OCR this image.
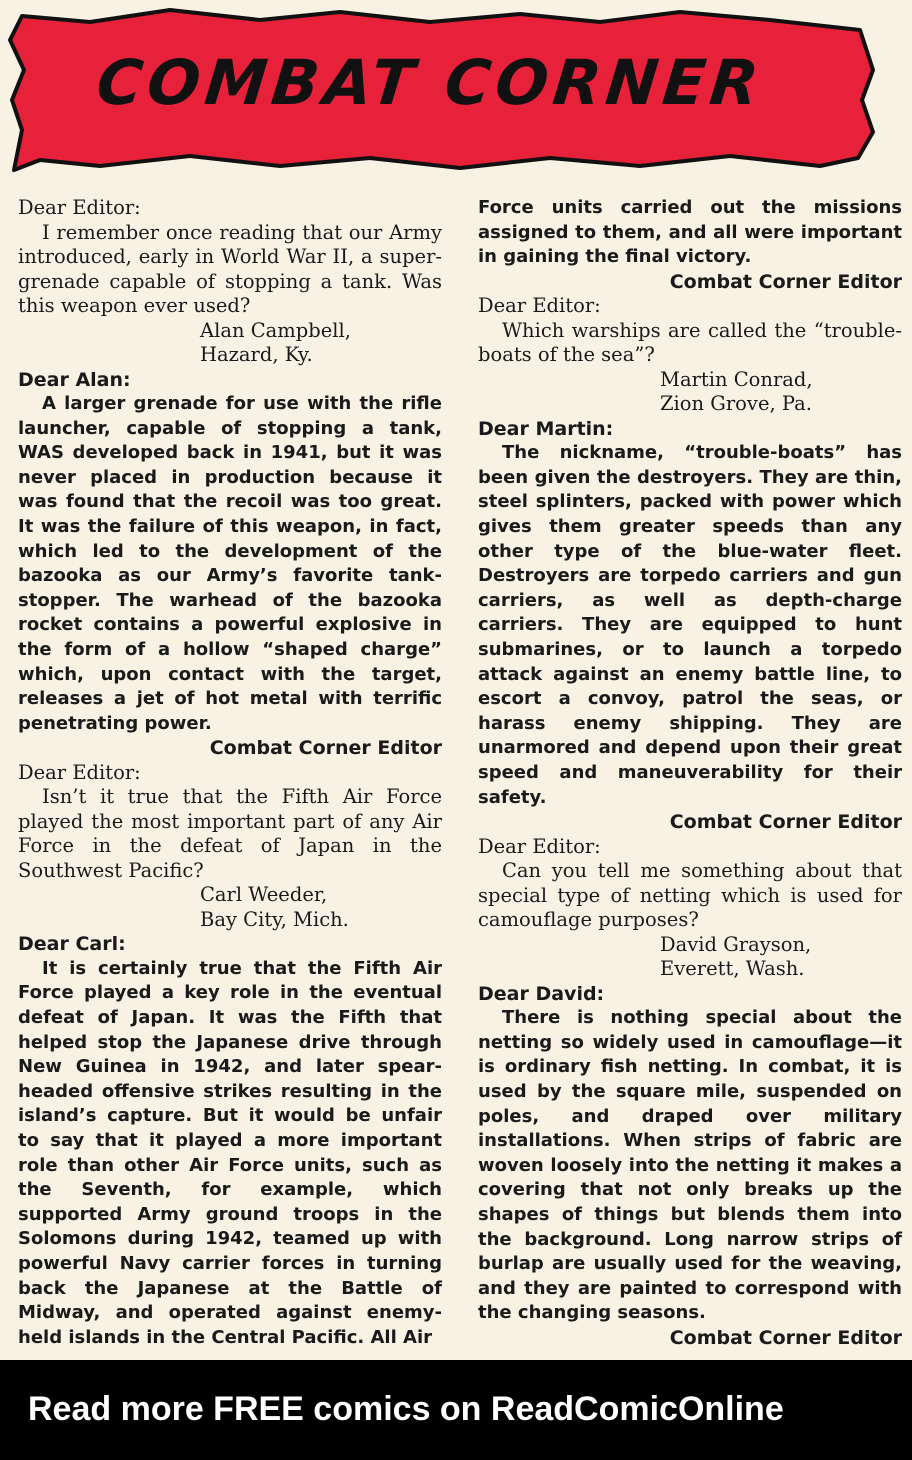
COMBAT CORNER

Dear Editor:

I remember once reading that our Army introduced, early in World War II, a super-grenade capable of stopping a tank. Was this weapon ever used?

Alan Campbell,

Hazard, Ky.

Dear Alan:

A larger grenade for use with the rifle launcher, capable of stopping a tank, WAS developed back in 1941, but it was never placed in production because it was found that the recoil was too great. It was the failure of this weapon, in fact, which led to the development of the bazooka as our Army’s favorite tank-stopper. The warhead of the bazooka rocket contains a powerful explosive in the form of a hollow “shaped charge” which, upon contact with the target, releases a jet of hot metal with terrific penetrating power.

Combat Corner Editor

Dear Editor:

Isn’t it true that the Fifth Air Force played the most important part of any Air Force in the defeat of Japan in the Southwest Pacific?

Carl Weeder,

Bay City, Mich.

Dear Carl:

It is certainly true that the Fifth Air Force played a key role in the eventual defeat of Japan. It was the Fifth that helped stop the Japanese drive through New Guinea in 1942, and later spear-headed offensive strikes resulting in the island’s capture. But it would be unfair to say that it played a more important role than other Air Force units, such as the Seventh, for example, which supported Army ground troops in the Solomons during 1942, teamed up with powerful Navy carrier forces in turning back the Japanese at the Battle of Midway, and operated against enemy-held islands in the Central Pacific. All Air

Force units carried out the missions assigned to them, and all were important in gaining the final victory.

Combat Corner Editor

Dear Editor:

Which warships are called the “trouble-boats of the sea”?

Martin Conrad,

Zion Grove, Pa.

Dear Martin:

The nickname, “trouble-boats” has been given the destroyers. They are thin, steel splinters, packed with power which gives them greater speeds than any other type of the blue-water fleet. Destroyers are torpedo carriers and gun carriers, as well as depth-charge carriers. They are equipped to hunt submarines, or to launch a torpedo attack against an enemy battle line, to escort a convoy, patrol the seas, or harass enemy shipping. They are unarmored and depend upon their great speed and maneuverability for their safety.

Combat Corner Editor

Dear Editor:

Can you tell me something about that special type of netting which is used for camouflage purposes?

David Grayson,

Everett, Wash.

Dear David:

There is nothing special about the netting so widely used in camouflage—it is ordinary fish netting. In combat, it is used by the square mile, suspended on poles, and draped over military installations. When strips of fabric are woven loosely into the netting it makes a covering that not only breaks up the shapes of things but blends them into the background. Long narrow strips of burlap are usually used for the weaving, and they are painted to correspond with the changing seasons.

Combat Corner Editor

Read more FREE comics on ReadComicOnline
